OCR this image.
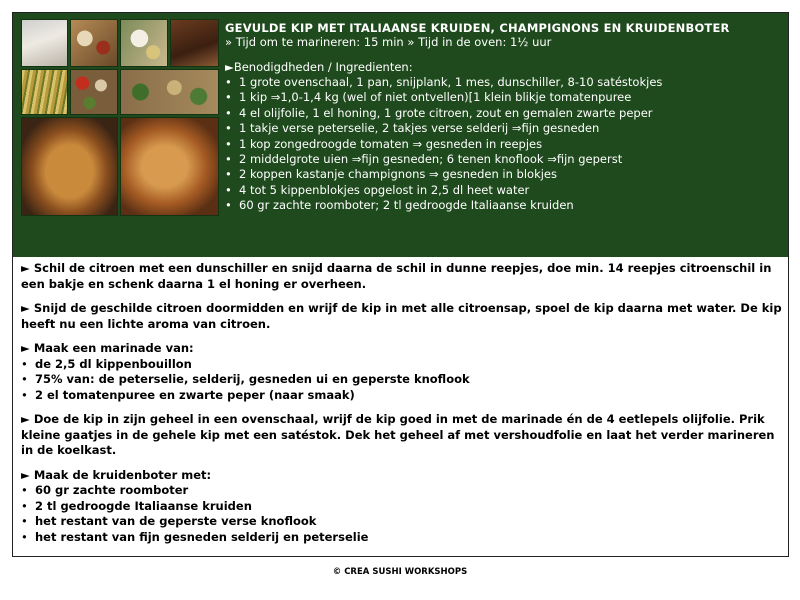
GEVULDE KIP MET ITALIAANSE KRUIDEN, CHAMPIGNONS EN KRUIDENBOTER

» Tijd om te marineren: 15 min » Tijd in de oven: 1½ uur

►Benodigdheden / Ingredienten:

• 1 grote ovenschaal, 1 pan, snijplank, 1 mes, dunschiller, 8-10 satéstokjes
• 1 kip ⇒1,0-1,4 kg (wel of niet ontvellen)[1 klein blikje tomatenpuree
• 4 el olijfolie, 1 el honing, 1 grote citroen, zout en gemalen zwarte peper
• 1 takje verse peterselie, 2 takjes verse selderij ⇒fijn gesneden
• 1 kop zongedroogde tomaten ⇒ gesneden in reepjes
• 2 middelgrote uien ⇒fijn gesneden; 6 tenen knoflook ⇒fijn geperst
• 2 koppen kastanje champignons ⇒ gesneden in blokjes
• 4 tot 5 kippenblokjes opgelost in 2,5 dl heet water
• 60 gr zachte roomboter; 2 tl gedroogde Italiaanse kruiden

► Schil de citroen met een dunschiller en snijd daarna de schil in dunne reepjes, doe min. 14 reepjes citroenschil in een bakje en schenk daarna 1 el honing er overheen.

► Snijd de geschilde citroen doormidden en wrijf de kip in met alle citroensap, spoel de kip daarna met water. De kip heeft nu een lichte aroma van citroen.

► Maak een marinade van:

• de 2,5 dl kippenbouillon
• 75% van: de peterselie, selderij, gesneden ui en geperste knoflook
• 2 el tomatenpuree en zwarte peper (naar smaak)

► Doe de kip in zijn geheel in een ovenschaal, wrijf de kip goed in met de marinade én de 4 eetlepels olijfolie. Prik kleine gaatjes in de gehele kip met een satéstok. Dek het geheel af met vershoudfolie en laat het verder marineren in de koelkast.

► Maak de kruidenboter met:

• 60 gr zachte roomboter
• 2 tl gedroogde Italiaanse kruiden
• het restant van de geperste verse knoflook
• het restant van fijn gesneden selderij en peterselie
© CREA SUSHI WORKSHOPS
